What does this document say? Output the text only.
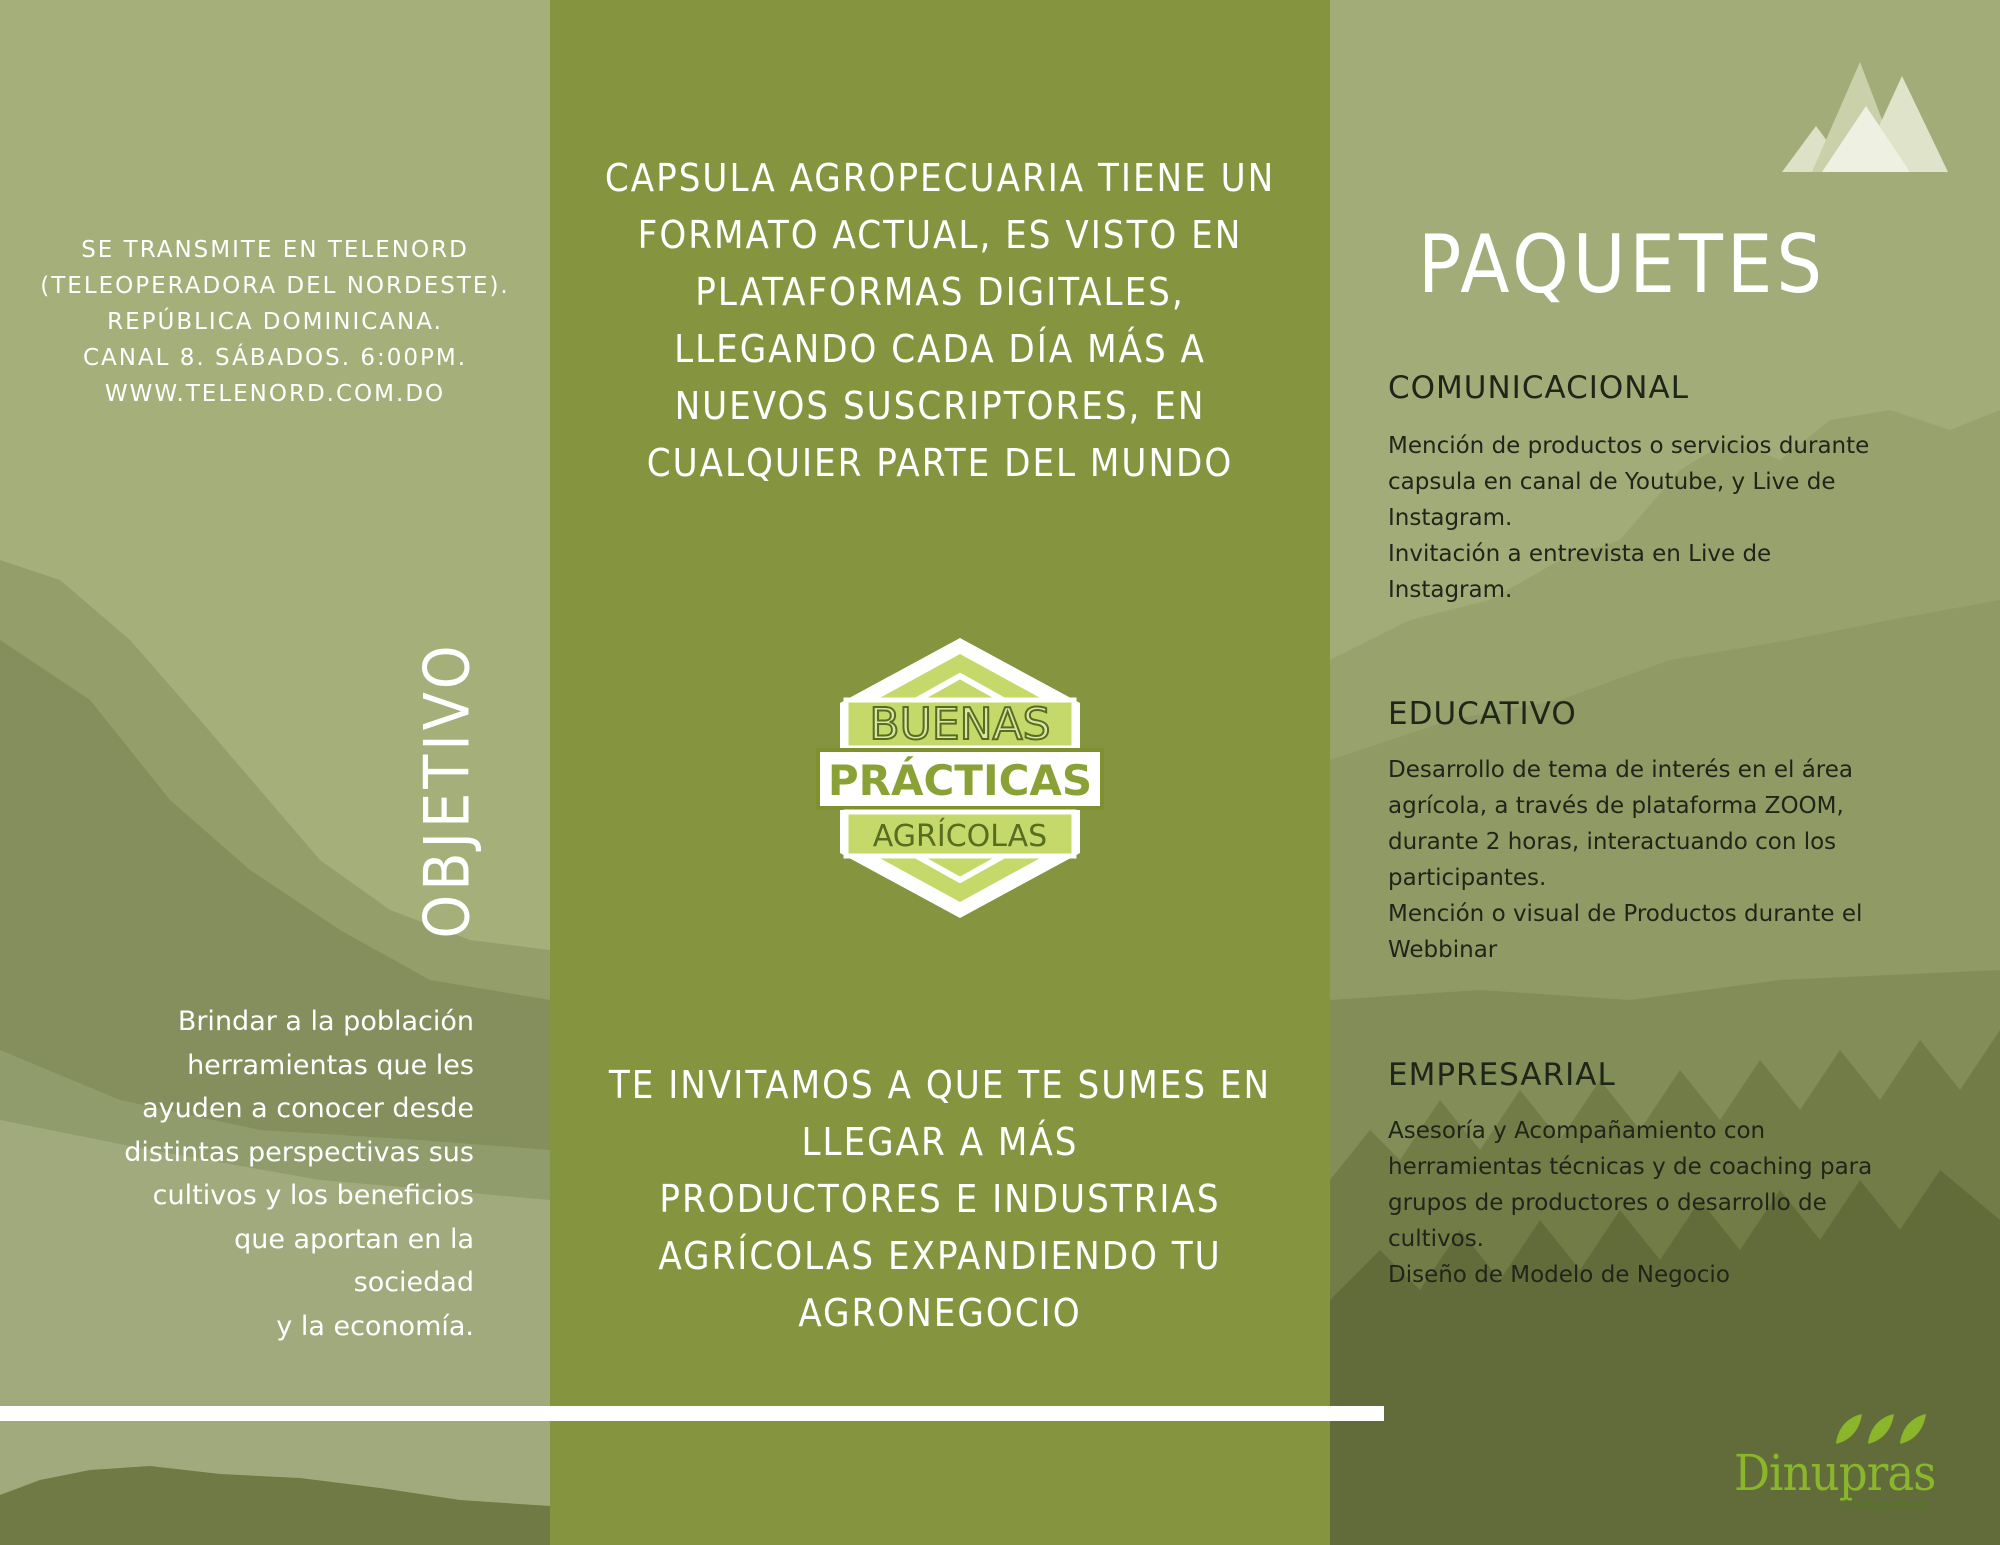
SE TRANSMITE EN TELENORD
(TELEOPERADORA DEL NORDESTE).
REPÚBLICA DOMINICANA.
CANAL 8. SÁBADOS. 6:00PM.
WWW.TELENORD.COM.DO
OBJETIVO
Brindar a la población
herramientas que les
ayuden a conocer desde
distintas perspectivas sus
cultivos y los beneficios
que aportan en la
sociedad
y la economía.
CAPSULA AGROPECUARIA TIENE UN
FORMATO ACTUAL, ES VISTO EN
PLATAFORMAS DIGITALES,
LLEGANDO CADA DÍA MÁS A
NUEVOS SUSCRIPTORES, EN
CUALQUIER PARTE DEL MUNDO
BUENAS
PRÁCTICAS
AGRÍCOLAS
TE INVITAMOS A QUE TE SUMES EN
LLEGAR A MÁS
PRODUCTORES E INDUSTRIAS
AGRÍCOLAS EXPANDIENDO TU
AGRONEGOCIO
PAQUETES
COMUNICACIONAL
Mención de productos o servicios durante
capsula en canal de Youtube, y Live de
Instagram.
Invitación a entrevista en Live de
Instagram.
EDUCATIVO
Desarrollo de tema de interés en el área
agrícola, a través de plataforma ZOOM,
durante 2 horas, interactuando con los
participantes.
Mención o visual de Productos durante el
Webbinar
EMPRESARIAL
Asesoría y Acompañamiento con
herramientas técnicas y de coaching para
grupos de productores o desarrollo de
cultivos.
Diseño de Modelo de Negocio
Dinupras
Management
